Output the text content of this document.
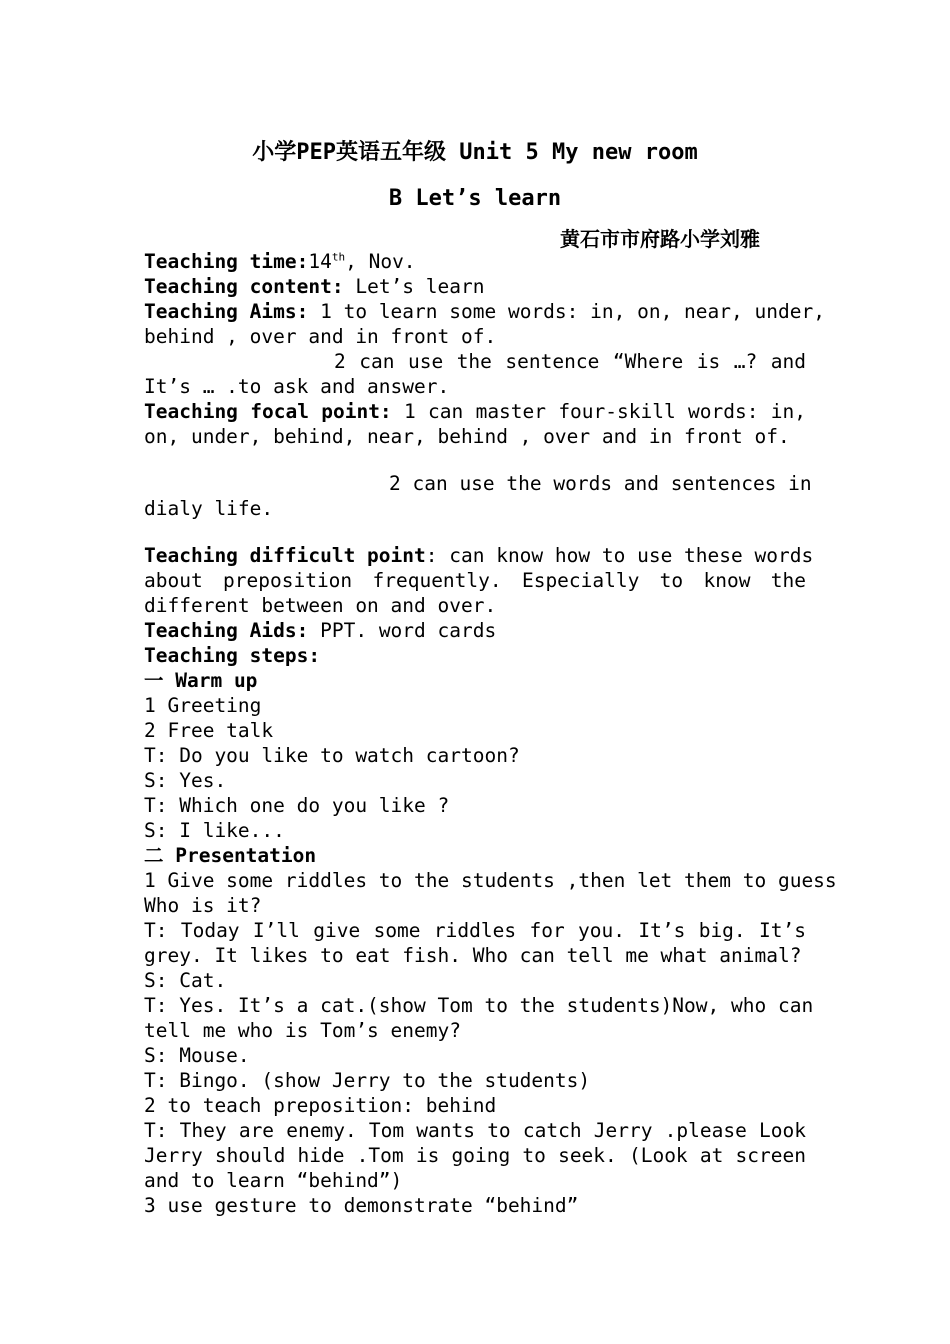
小学PEP英语五年级 Unit 5 My new room
B Let’s learn
黄石市市府路小学刘雅
Teaching time:14th, Nov.
Teaching content: Let’s learn
Teaching Aims: 1 to learn some words: in, on, near, under,
behind , over and in front of.
2 can use the sentence “Where is …? and
It’s … .to ask and answer.
Teaching focal point: 1 can master four-skill words: in,
on, under, behind, near, behind , over and in front of.
2 can use the words and sentences in
dialy life.
Teaching difficult point: can know how to use these words
about preposition frequently. Especially to know the
different between on and over.
Teaching Aids: PPT. word cards
Teaching steps:
一 Warm up
1 Greeting
2 Free talk
T: Do you like to watch cartoon?
S: Yes.
T: Which one do you like ?
S: I like...
二 Presentation
1 Give some riddles to the students ,then let them to guess
Who is it?
T: Today I’ll give some riddles for you. It’s big. It’s
grey. It likes to eat fish. Who can tell me what animal?
S: Cat.
T: Yes. It’s a cat.(show Tom to the students)Now, who can
tell me who is Tom’s enemy?
S: Mouse.
T: Bingo. (show Jerry to the students)
2 to teach preposition: behind
T: They are enemy. Tom wants to catch Jerry .please Look
Jerry should hide .Tom is going to seek. (Look at screen
and to learn “behind”)
3 use gesture to demonstrate “behind”
